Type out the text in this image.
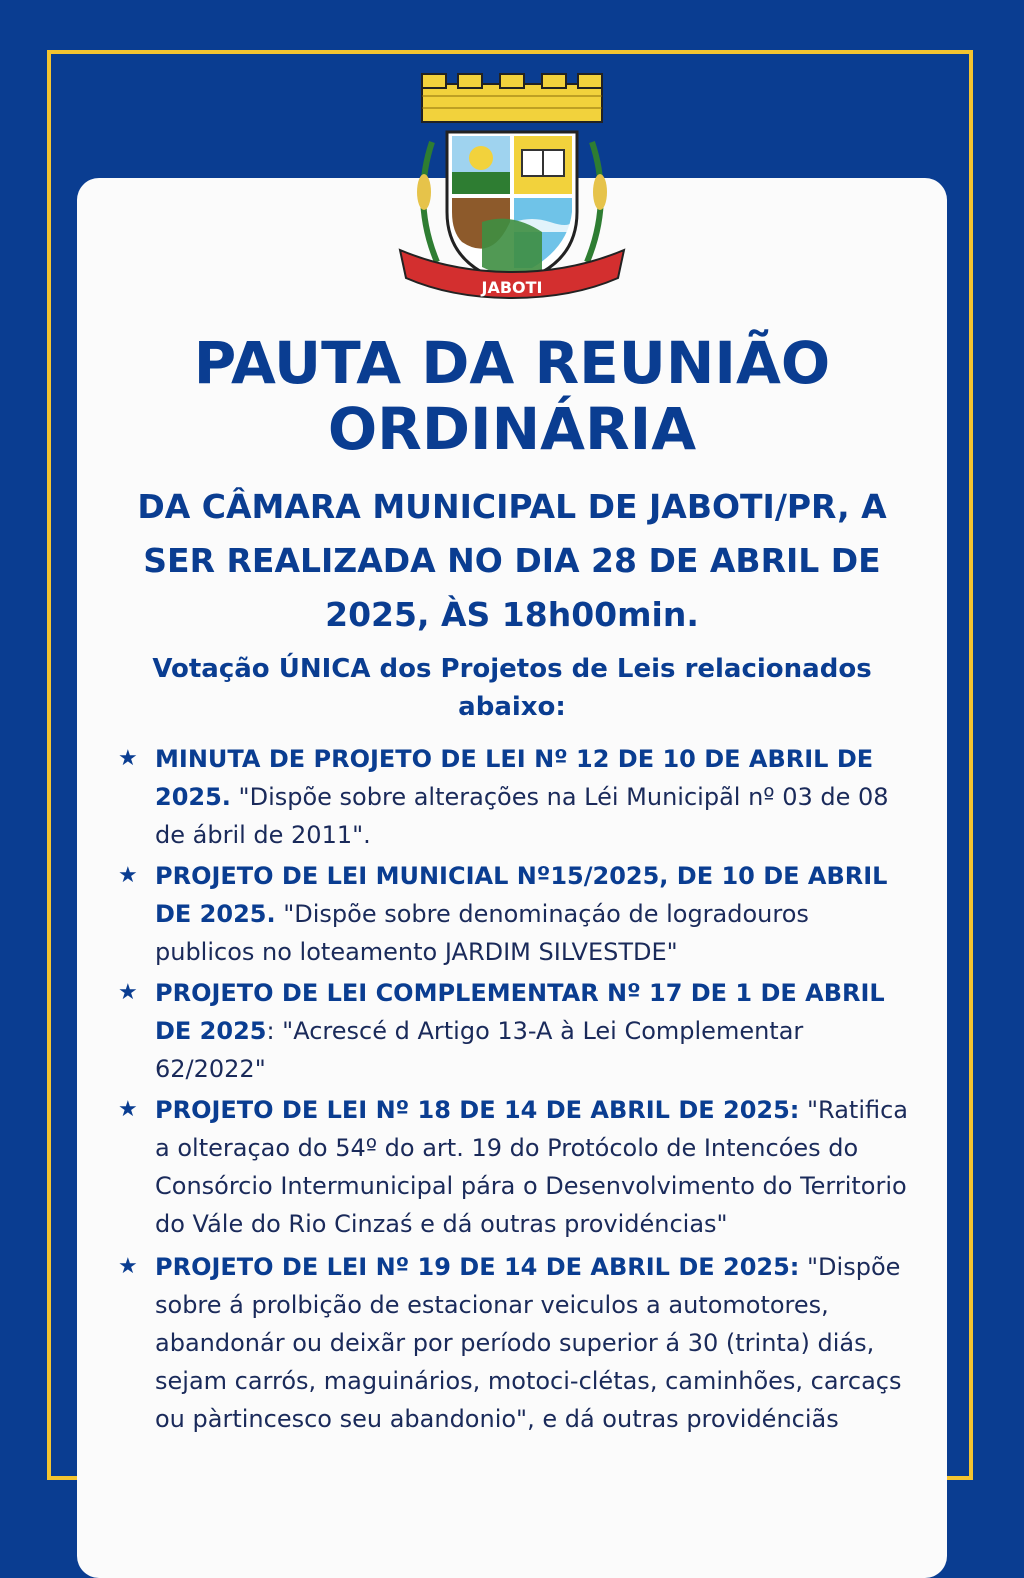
JABOTI
PAUTA DA REUNIÃO ORDINÁRIA

DA CÂMARA MUNICIPAL DE JABOTI/PR, A SER REALIZADA NO DIA 28 DE ABRIL DE 2025, ÀS 18h00min.

Votação ÚNICA dos Projetos de Leis relacionados abaixo:

★ MINUTA DE PROJETO DE LEI Nº 12 DE 10 DE ABRIL DE 2025. "Dispõe sobre alterações na Léi Municipãl nº 03 de 08 de ábril de 2011".
★ PROJETO DE LEI MUNICIAL Nº15/2025, DE 10 DE ABRIL DE 2025. "Dispõe sobre denominaçáo de logradouros publicos no loteamento JARDIM SILVESTDE"
★ PROJETO DE LEI COMPLEMENTAR Nº 17 DE 1 DE ABRIL DE 2025: "Acrescé d Artigo 13-A à Lei Complementar 62/2022"
★ PROJETO DE LEI Nº 18 DE 14 DE ABRIL DE 2025: "Ratifica a olteraçao do 54º do art. 19 do Protócolo de Intencóes do Consórcio Intermunicipal pára o Desenvolvimento do Territorio do Vále do Rio Cinzaś e dá outras providéncias"
★ PROJETO DE LEI Nº 19 DE 14 DE ABRIL DE 2025: "Dispõe sobre á prolbição de estacionar veiculos a automotores, abandonár ou deixãr por períodо superior á 30 (trinta) diás, sejam carrós, maguinários, motoci-clétas, caminhões, carcaçs ou pàrtincesco seu abandonio", e dá outras providénciãs
